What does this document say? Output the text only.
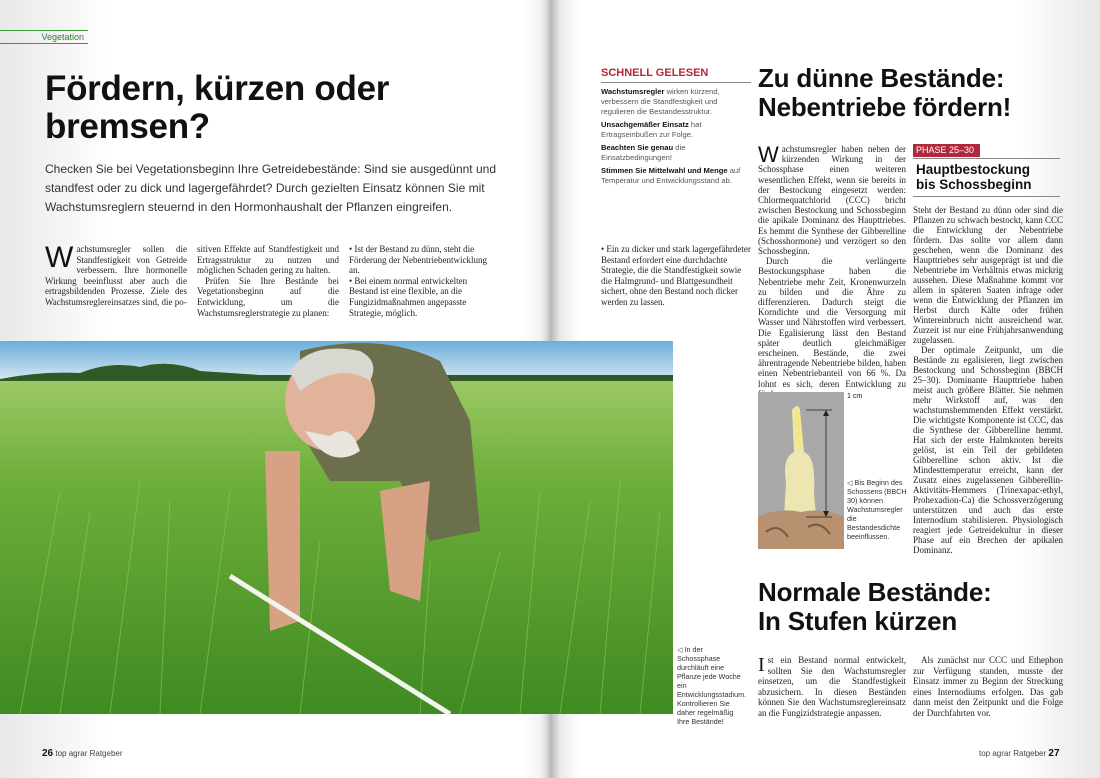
Vegetation
Fördern, kürzen oder
bremsen?

Checken Sie bei Vegetationsbeginn Ihre Getreidebestände: Sind sie ausgedünnt und standfest oder zu dick und lagergefährdet? Durch gezielten Einsatz können Sie mit Wachstumsreglern steuernd in den Hormonhaushalt der Pflanzen eingreifen.

Wachstumsregler sollen die Standfestigkeit von Getreide verbessern. Ihre hormonelle Wirkung beeinflusst aber auch die ertragsbildenden Prozesse. Ziele des Wachstumsreglereinsatzes sind, die po-

sitiven Effekte auf Standfestigkeit und Ertragsstruktur zu nutzen und möglichen Schaden gering zu halten.

Prüfen Sie Ihre Bestände bei Vegetationsbeginn auf die Entwicklung, um die Wachstumsreglerstrategie zu planen:

• Ist der Bestand zu dünn, steht die Förderung der Nebentriebentwicklung an.

• Bei einem normal entwickelten Bestand ist eine flexible, an die Fungizidmaßnahmen angepasste Strategie, möglich.

• Ein zu dicker und stark lagergefährdeter Bestand erfordert eine durchdachte Strategie, die die Standfestigkeit sowie die Halmgrund- und Blattgesundheit sichert, ohne den Bestand noch dicker werden zu lassen.

◁ In der Schossphase durchläuft eine Pflanze jede Woche ein Entwicklungsstadium. Kontrollieren Sie daher regelmäßig Ihre Bestände!
26 top agrar Ratgeber
SCHNELL GELESEN
Wachstumsregler wirken kürzend, verbessern die Standfestigkeit und regulieren die Bestandesstruktur.
Unsachgemäßer Einsatz hat Ertragseinbußen zur Folge.
Beachten Sie genau die Einsatzbedingungen!
Stimmen Sie Mittelwahl und Menge auf Temperatur und Entwicklungsstand ab.
Zu dünne Bestände:
Nebentriebe fördern!

Wachstumsregler haben neben der kürzenden Wirkung in der Schossphase einen weiteren wesentlichen Effekt, wenn sie bereits in der Bestockung eingesetzt werden: Chlormequatchlorid (CCC) bricht zwischen Bestockung und Schossbeginn die apikale Dominanz des Haupttriebes. Es hemmt die Synthese der Gibberelline (Schosshormone) und verzögert so den Schossbeginn.

Durch die verlängerte Bestockungsphase haben die Nebentriebe mehr Zeit, Kronenwurzeln zu bilden und die Ähre zu differenzieren. Dadurch steigt die Korndichte und die Versorgung mit Wasser und Nährstoffen wird verbessert. Die Egalisierung lässt den Bestand später deutlich gleichmäßiger erscheinen. Bestände, die zwei ährentragende Nebentriebe bilden, haben einen Nebentriebanteil von 66 %. Da lohnt es sich, deren Entwicklung zu

PHASE 25–30
Hauptbestockung
bis Schossbeginn

Steht der Bestand zu dünn oder sind die Pflanzen zu schwach bestockt, kann CCC die Entwicklung der Nebentriebe fördern. Das sollte vor allem dann geschehen, wenn die Dominanz des Haupttriebes sehr ausgeprägt ist und die Nebentriebe im Verhältnis etwas mickrig aussehen. Diese Maßnahme kommt vor allem in späteren Saaten infrage oder wenn die Entwicklung der Pflanzen im Herbst durch Kälte oder frühen Wintereinbruch nicht ausreichend war. Zurzeit ist nur eine Frühjahrsanwendung zugelassen.

Der optimale Zeitpunkt, um die Bestände zu egalisieren, liegt zwischen Bestockung und Schossbeginn (BBCH 25–30). Dominante Haupttriebe haben meist auch größere Blätter. Sie nehmen mehr Wirkstoff auf, was den wachstumshemmenden Effekt verstärkt. Die wichtigste Komponente ist CCC, das die Synthese der Gibberelline hemmt. Hat sich der erste Halmknoten bereits gelöst, ist ein Teil der gebildeten Gibberelline schon aktiv. Ist die Mindesttemperatur erreicht, kann der Zusatz eines zugelassenen Gibberellin-Aktivitäts-Hemmers (Trinexapac-ethyl, Prohexadion-Ca) die Schossverzögerung unterstützen und auch das erste Internodium stabilisieren. Physiologisch reagiert jede Getreidekultur in dieser Phase auf ein Brechen der apikalen Dominanz.

1 cm
◁ Bis Beginn des Schossens (BBCH 30) können Wachstumsregler die Bestandesdichte beeinflussen.
Normale Bestände:
In Stufen kürzen

Ist ein Bestand normal entwickelt, sollten Sie den Wachstumsregler einsetzen, um die Standfestigkeit abzusichern. In diesen Beständen können Sie den Wachstumsreglereinsatz an die Fungizidstrategie anpassen.

Als zunächst nur CCC und Ethephon zur Verfügung standen, musste der Einsatz immer zu Beginn der Streckung eines Internodiums erfolgen. Das gab dann meist den Zeitpunkt und die Folge der Durchfahrten vor.

top agrar Ratgeber 27
